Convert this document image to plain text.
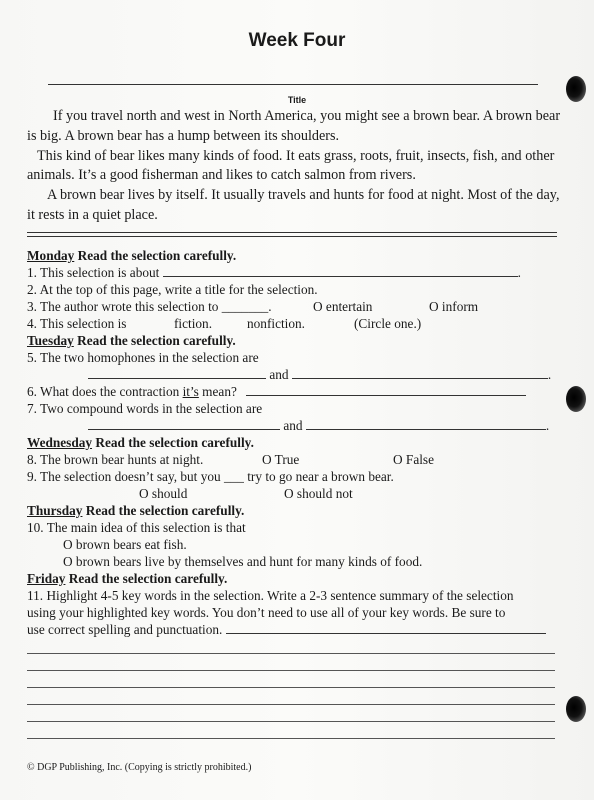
Week Four
Title

If you travel north and west in North America, you might see a brown bear. A brown bear is big. A brown bear has a hump between its shoulders.

This kind of bear likes many kinds of food. It eats grass, roots, fruit, insects, fish, and other animals. It’s a good fisherman and likes to catch salmon from rivers.

A brown bear lives by itself. It usually travels and hunts for food at night. Most of the day, it rests in a quiet place.

Monday Read the selection carefully.
1. This selection is about	.
2. At the top of this page, write a title for the selection.
3. The author wrote this selection to _______.	O entertain	O inform
4. This selection is	fiction.	nonfiction.	(Circle one.)
Tuesday Read the selection carefully.
5. The two homophones in the selection are
and	.
6. What does the contraction it’s mean?
7. Two compound words in the selection are
and	.
Wednesday Read the selection carefully.
8. The brown bear hunts at night.	O True	O False
9. The selection doesn’t say, but you ___ try to go near a brown bear.
O should	O should not
Thursday Read the selection carefully.
10. The main idea of this selection is that
O brown bears eat fish.
O brown bears live by themselves and hunt for many kinds of food.
Friday Read the selection carefully.
11. Highlight 4-5 key words in the selection. Write a 2-3 sentence summary of the selection
using your highlighted key words. You don’t need to use all of your key words. Be sure to
use correct spelling and punctuation.
© DGP Publishing, Inc. (Copying is strictly prohibited.)
